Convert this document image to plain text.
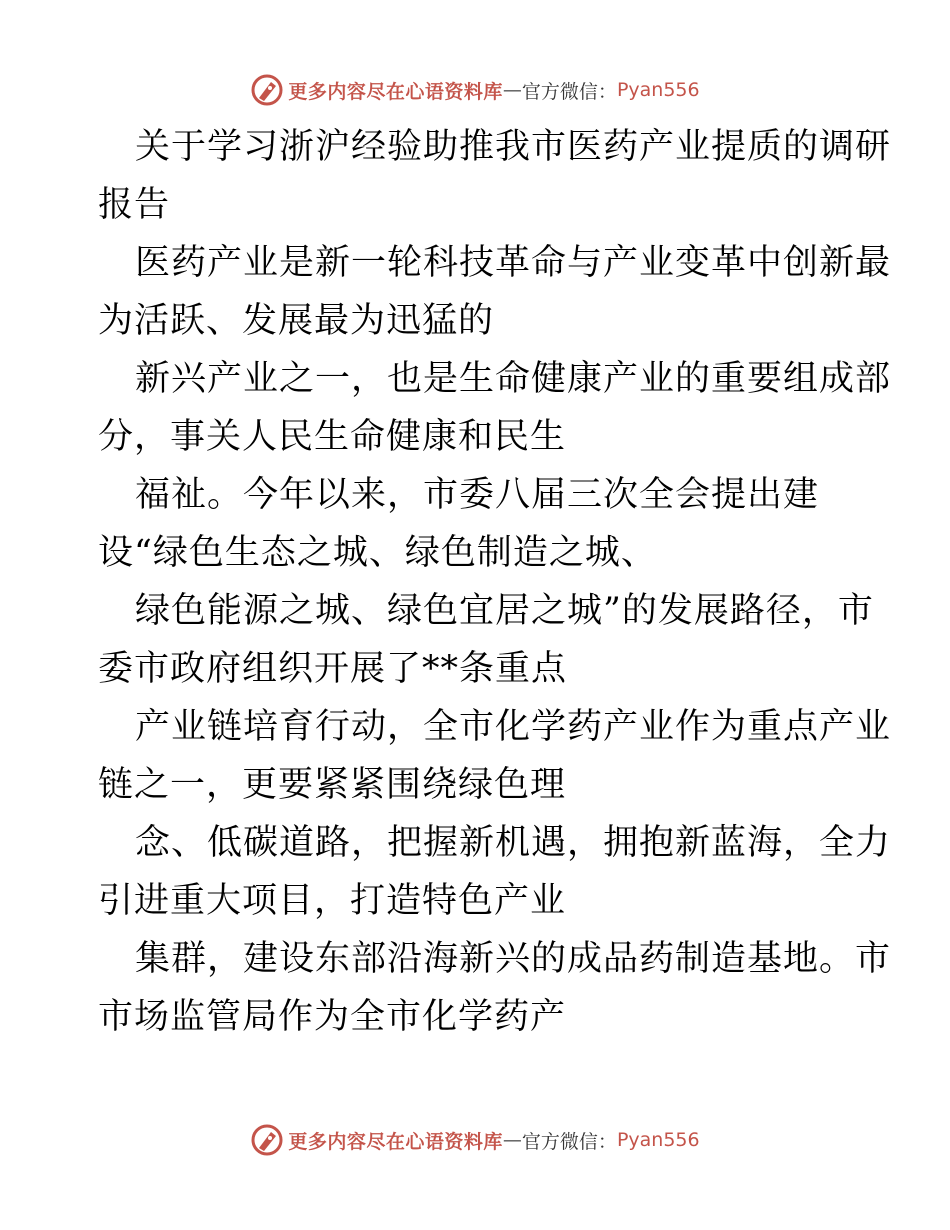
更多内容尽在心语资料库 — 官方微信： Pyan556
关于学习浙沪经验助推我市医药产业提质的调研
报告
医药产业是新一轮科技革命与产业变革中创新最
为活跃、发展最为迅猛的
新兴产业之一，也是生命健康产业的重要组成部
分，事关人民生命健康和民生
福祉。今年以来，市委八届三次全会提出建
设“绿色生态之城、绿色制造之城、
绿色能源之城、绿色宜居之城”的发展路径，市
委市政府组织开展了**条重点
产业链培育行动，全市化学药产业作为重点产业
链之一，更要紧紧围绕绿色理
念、低碳道路，把握新机遇，拥抱新蓝海，全力
引进重大项目，打造特色产业
集群，建设东部沿海新兴的成品药制造基地。市
市场监管局作为全市化学药产
更多内容尽在心语资料库 — 官方微信： Pyan556
